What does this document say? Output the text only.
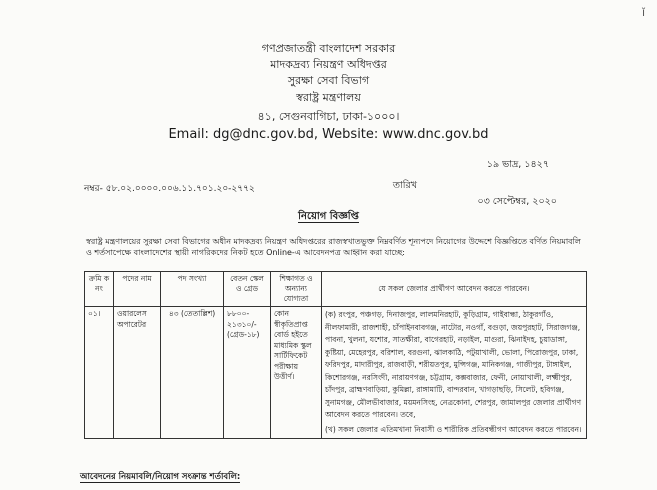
ǐ
গণপ্রজাতন্ত্রী বাংলাদেশ সরকার
মাদকদ্রব্য নিয়ন্ত্রণ অধিদপ্তর
সুরক্ষা সেবা বিভাগ
স্বরাষ্ট্র মন্ত্রণালয়
৪১, সেগুনবাগিচা, ঢাকা-১০০০।
Email: dg@dnc.gov.bd, Website: www.dnc.gov.bd
নম্বর- ৫৮.০২.০০০০.০০৬.১১.৭০১.২০-২৭৭২
১৯ ভাদ্র, ১৪২৭
তারিখ
০৩ সেপ্টেম্বর, ২০২০
নিয়োগ বিজ্ঞপ্তি
স্বরাষ্ট্র মন্ত্রণালয়ের সুরক্ষা সেবা বিভাগের অধীন মাদকদ্রব্য নিয়ন্ত্রণ অধিদপ্তরের রাজস্বখাতভুক্ত নিম্নবর্ণিত শূন্যপদে নিয়োগের উদ্দেশে বিজ্ঞপ্তিতে বর্ণিত নিয়মাবলি ও শর্তসাপেক্ষে বাংলাদেশের স্থায়ী নাগরিকদের নিকট হতে Online-এ আবেদনপত্র আহ্বান করা যাচ্ছে:
ক্রমি ক নং	পদের নাম	পদ সংখ্যা	বেতন স্কেল ও গ্রেড	শিক্ষাগত ও অন্যান্য যোগ্যতা	যে সকল জেলার প্রার্থীগণ আবেদন করতে পারবেন।
০১।	ওয়ারলেস অপারেটর	৪৩ (তেতাল্লিশ)	৮৮০০- ২১৩১০/- (গ্রেড-১৮)	কোন স্বীকৃতিপ্রাপ্ত বোর্ড হইতে মাধ্যমিক স্কুল সার্টিফিকেট পরীক্ষায় উত্তীর্ণ।	(ক) রংপুর, পঞ্চগড়, দিনাজপুর, লালমনিরহাট, কুড়িগ্রাম, গাইবান্ধা, ঠাকুরগাঁও, নীলফামারী, রাজশাহী, চাঁপাইনবাবগঞ্জ, নাটোর, নওগাঁ, বগুড়া, জয়পুরহাট, সিরাজগঞ্জ, পাবনা, খুলনা, যশোর, সাতক্ষীরা, বাগেরহাট, নড়াইল, মাগুরা, ঝিনাইদহ, চুয়াডাঙ্গা, কুষ্টিয়া, মেহেরপুর, বরিশাল, বরগুনা, ঝালকাঠি, পটুয়াখালী, ভোলা, পিরোজপুর, ঢাকা, ফরিদপুর, মাদারীপুর, রাজবাড়ী, শরীয়তপুর, মুন্সিগঞ্জ, মানিকগঞ্জ, গাজীপুর, টাঙ্গাইল, কিশোরগঞ্জ, নরসিংদী, নারায়ণগঞ্জ, চট্টগ্রাম, কক্সবাজার, ফেনী, নোয়াখালী, লক্ষ্মীপুর, চাঁদপুর, ব্রাহ্মণবাড়িয়া, কুমিল্লা, রাঙ্গামাটি, বান্দরবান, খাগড়াছড়ি, সিলেট, হবিগঞ্জ, সুনামগঞ্জ, মৌলভীবাজার, ময়মনসিংহ, নেত্রকোনা, শেরপুর, জামালপুর জেলার প্রার্থীগণ আবেদন করতে পারবেন। তবে,
(খ) সকল জেলার এতিমখানা নিবাসী ও শারীরিক প্রতিবন্ধীগণ আবেদন করতে পারবেন।
আবেদনের নিয়মাবলি/নিয়োগ সংক্রান্ত শর্তাবলি:
